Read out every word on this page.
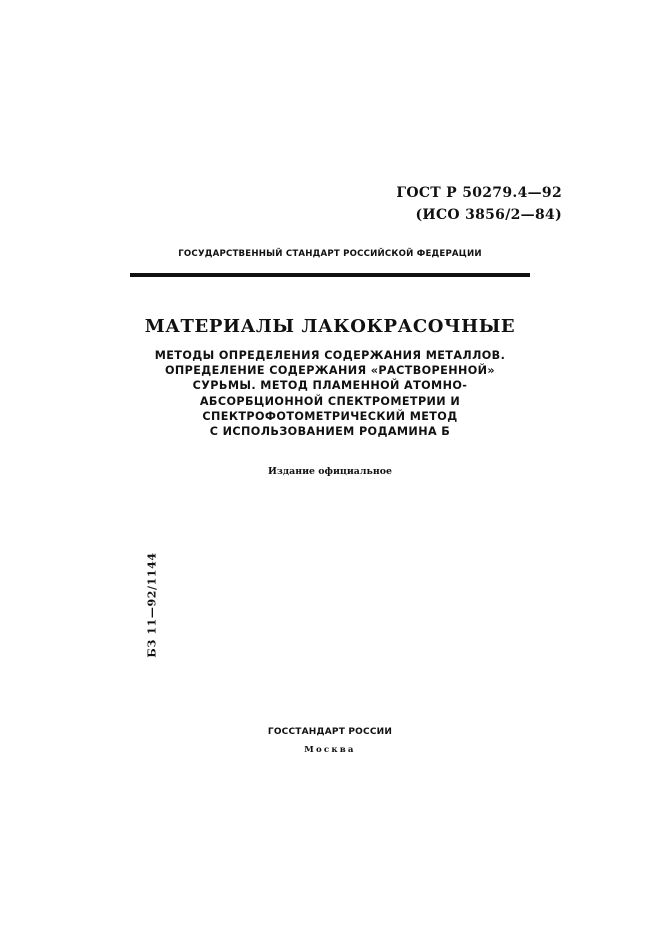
ГОСТ Р 50279.4—92
(ИСО 3856/2—84)
ГОСУДАРСТВЕННЫЙ СТАНДАРТ РОССИЙСКОЙ ФЕДЕРАЦИИ
МАТЕРИАЛЫ ЛАКОКРАСОЧНЫЕ
МЕТОДЫ ОПРЕДЕЛЕНИЯ СОДЕРЖАНИЯ МЕТАЛЛОВ.
ОПРЕДЕЛЕНИЕ СОДЕРЖАНИЯ «РАСТВОРЕННОЙ»
СУРЬМЫ. МЕТОД ПЛАМЕННОЙ АТОМНО-
АБСОРБЦИОННОЙ СПЕКТРОМЕТРИИ И
СПЕКТРОФОТОМЕТРИЧЕСКИЙ МЕТОД
С ИСПОЛЬЗОВАНИЕМ РОДАМИНА Б
Издание официальное
БЗ 11—92/1144
ГОССТАНДАРТ РОССИИ
Москва
